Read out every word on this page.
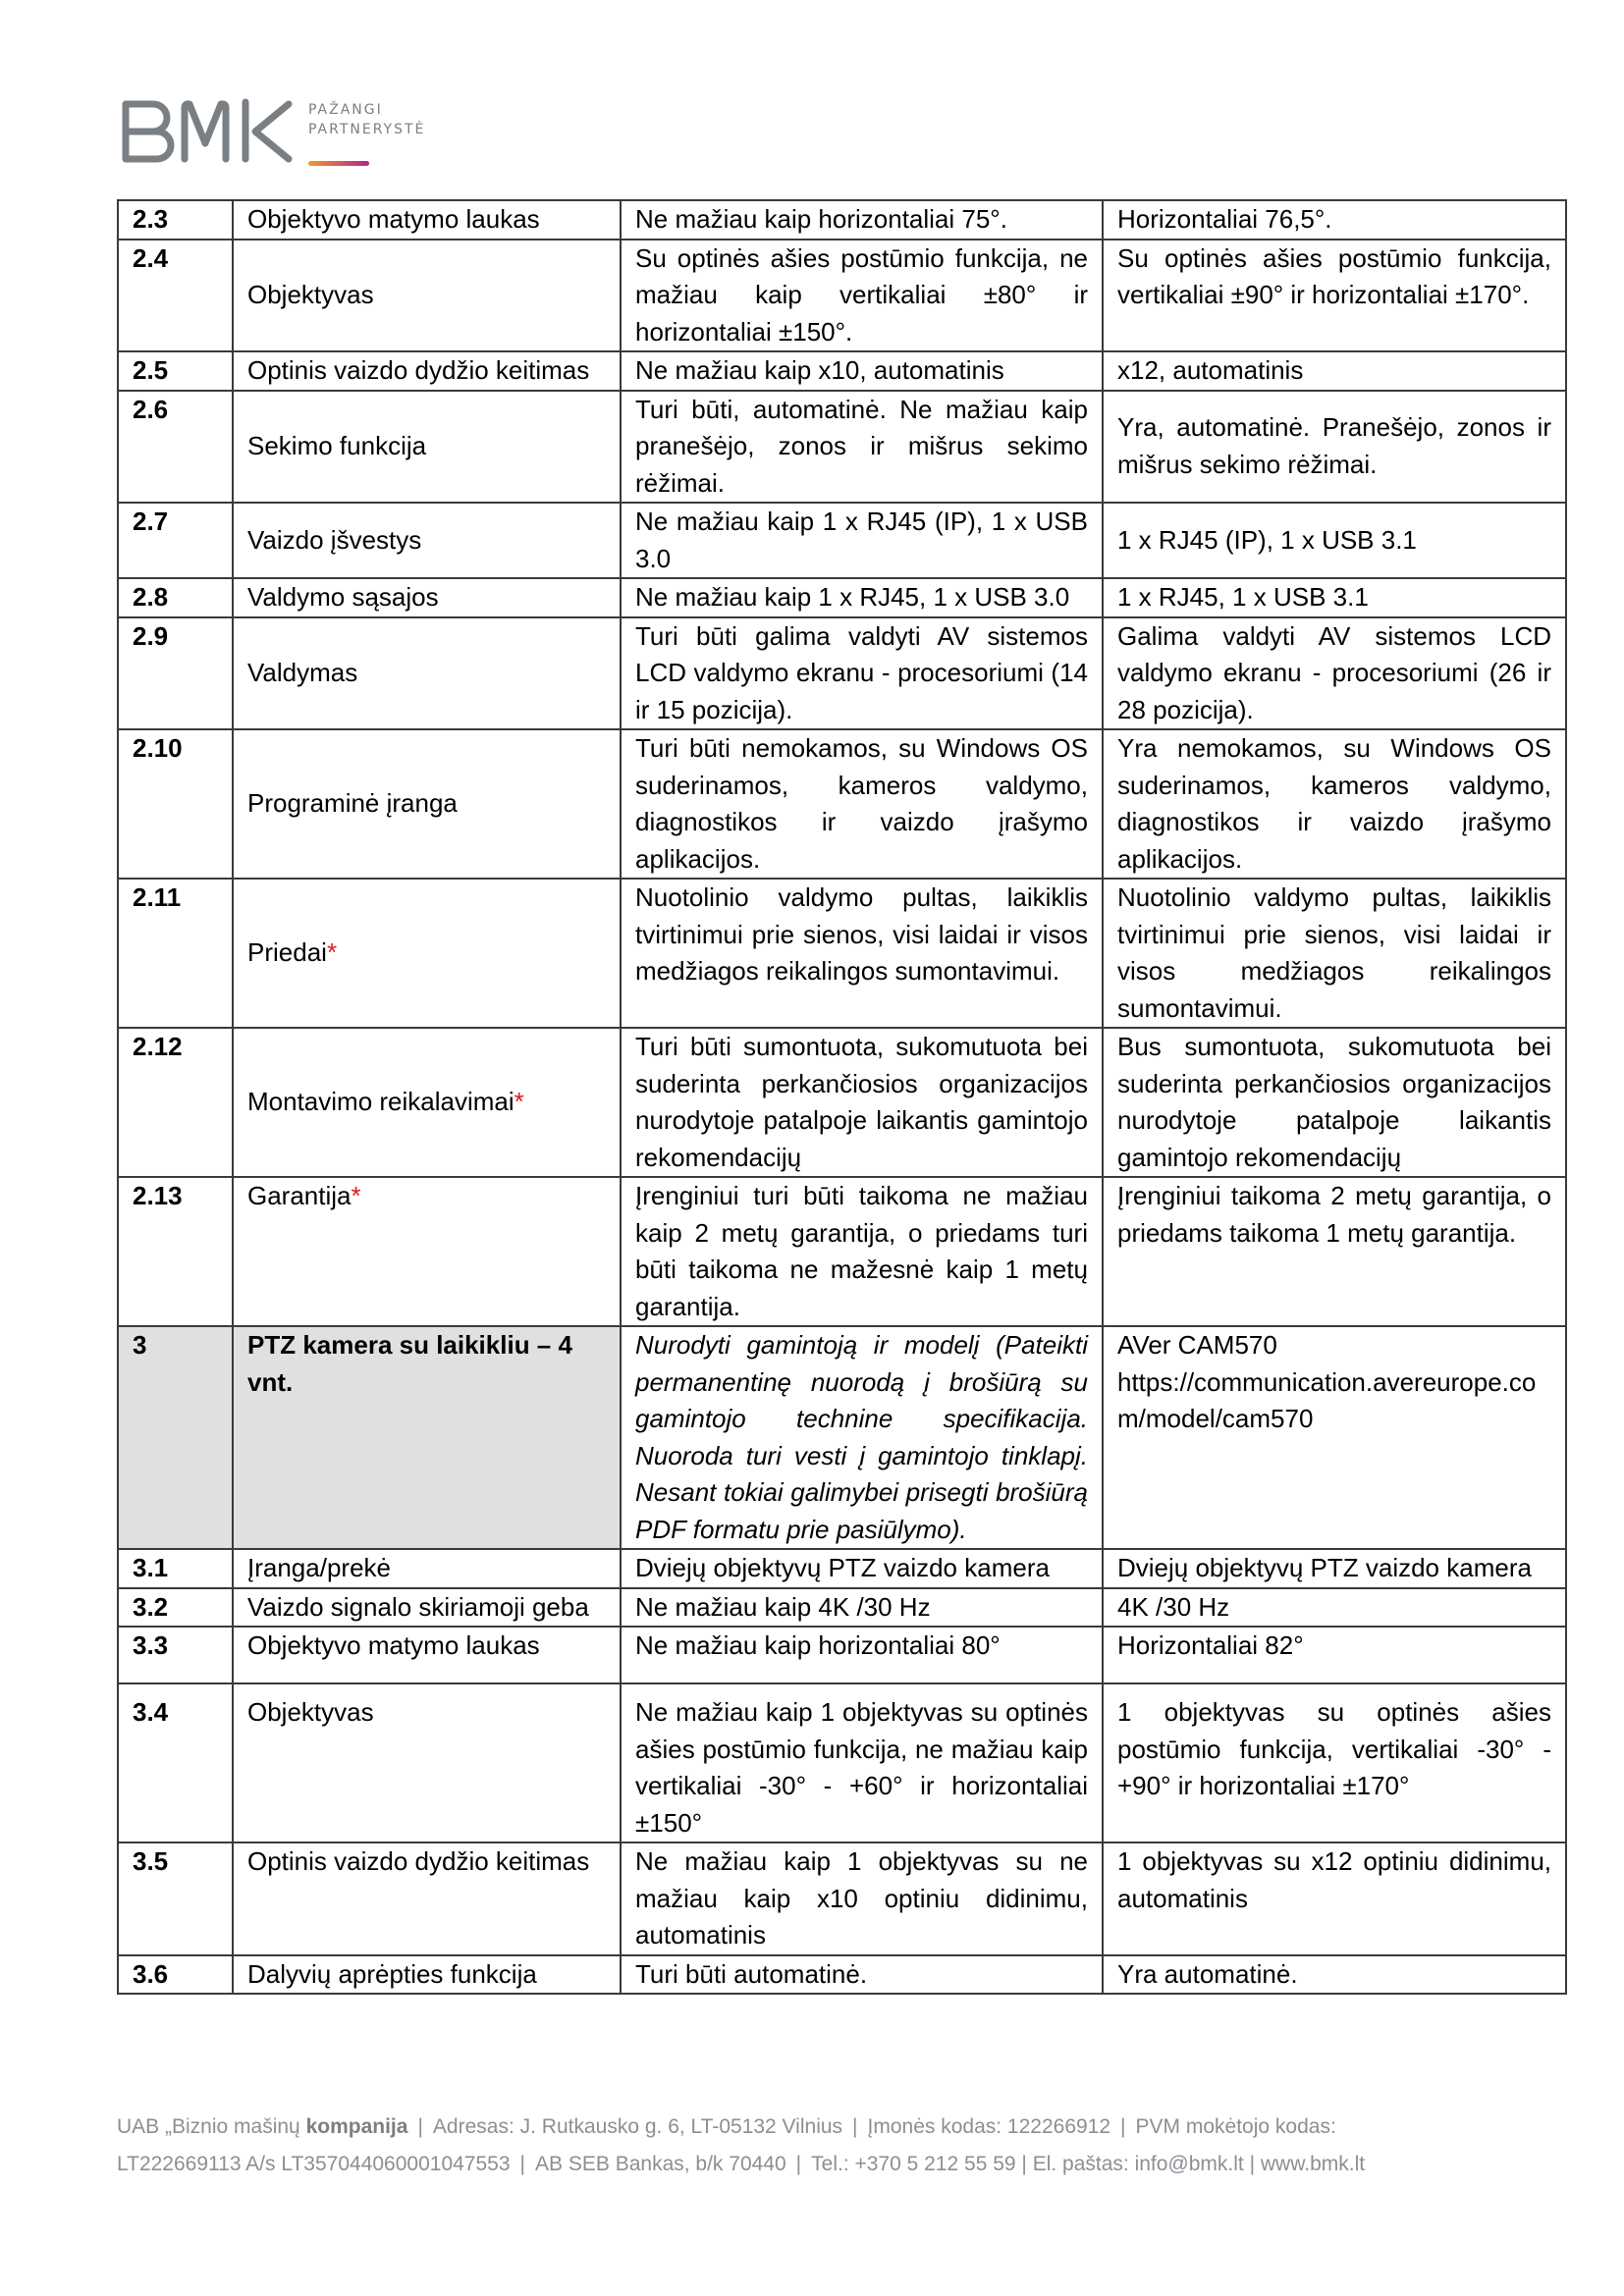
PAŽANGI
PARTNERYSTĖ
2.3	Objektyvo matymo laukas	Ne mažiau kaip horizontaliai 75°.	Horizontaliai 76,5°.
2.4	Objektyvas	Su optinės ašies postūmio funkcija, ne mažiau kaip vertikaliai ±80° ir horizontaliai ±150°.	Su optinės ašies postūmio funkcija, vertikaliai ±90° ir horizontaliai ±170°.
2.5	Optinis vaizdo dydžio keitimas	Ne mažiau kaip x10, automatinis	x12, automatinis
2.6	Sekimo funkcija	Turi būti, automatinė. Ne mažiau kaip pranešėjo, zonos ir mišrus sekimo rėžimai.	Yra, automatinė. Pranešėjo, zonos ir mišrus sekimo rėžimai.
2.7	Vaizdo įšvestys	Ne mažiau kaip 1 x RJ45 (IP), 1 x USB 3.0	1 x RJ45 (IP), 1 x USB 3.1
2.8	Valdymo sąsajos	Ne mažiau kaip 1 x RJ45, 1 x USB 3.0	1 x RJ45, 1 x USB 3.1
2.9	Valdymas	Turi būti galima valdyti AV sistemos LCD valdymo ekranu - procesoriumi (14 ir 15 pozicija).	Galima valdyti AV sistemos LCD valdymo ekranu - procesoriumi (26 ir 28 pozicija).
2.10	Programinė įranga	Turi būti nemokamos, su Windows OS suderinamos, kameros valdymo, diagnostikos ir vaizdo įrašymo aplikacijos.	Yra nemokamos, su Windows OS suderinamos, kameros valdymo, diagnostikos ir vaizdo įrašymo aplikacijos.
2.11	Priedai*	Nuotolinio valdymo pultas, laikiklis tvirtinimui prie sienos, visi laidai ir visos medžiagos reikalingos sumontavimui.	Nuotolinio valdymo pultas, laikiklis tvirtinimui prie sienos, visi laidai ir visos medžiagos reikalingos sumontavimui.
2.12	Montavimo reikalavimai*	Turi būti sumontuota, sukomutuota bei suderinta perkančiosios organizacijos nurodytoje patalpoje laikantis gamintojo rekomendacijų	Bus sumontuota, sukomutuota bei suderinta perkančiosios organizacijos nurodytoje patalpoje laikantis gamintojo rekomendacijų
2.13	Garantija*	Įrenginiui turi būti taikoma ne mažiau kaip 2 metų garantija, o priedams turi būti taikoma ne mažesnė kaip 1 metų garantija.	Įrenginiui taikoma 2 metų garantija, o priedams taikoma 1 metų garantija.
3	PTZ kamera su laikikliu – 4 vnt.	Nurodyti gamintoją ir modelį (Pateikti permanentinę nuorodą į brošiūrą su gamintojo technine specifikacija. Nuoroda turi vesti į gamintojo tinklapį. Nesant tokiai galimybei prisegti brošiūrą PDF formatu prie pasiūlymo).	AVer CAM570
https://communication.avereurope.com/model/cam570

3.1	Įranga/prekė	Dviejų objektyvų PTZ vaizdo kamera	Dviejų objektyvų PTZ vaizdo kamera
3.2	Vaizdo signalo skiriamoji geba	Ne mažiau kaip 4K /30 Hz	4K /30 Hz
3.3	Objektyvo matymo laukas	Ne mažiau kaip horizontaliai 80°	Horizontaliai 82°
3.4	Objektyvas	Ne mažiau kaip 1 objektyvas su optinės ašies postūmio funkcija, ne mažiau kaip vertikaliai -30° - +60° ir horizontaliai ±150°	1 objektyvas su optinės ašies postūmio funkcija, vertikaliai -30° - +90° ir horizontaliai ±170°
3.5	Optinis vaizdo dydžio keitimas	Ne mažiau kaip 1 objektyvas su ne mažiau kaip x10 optiniu didinimu, automatinis	1 objektyvas su x12 optiniu didinimu, automatinis
3.6	Dalyvių aprėpties funkcija	Turi būti automatinė.	Yra automatinė.
UAB „Biznio mašinų kompanija | Adresas: J. Rutkausko g. 6, LT-05132 Vilnius | Įmonės kodas: 122266912 | PVM mokėtojo kodas:
LT222669113 A/s LT357044060001047553 | AB SEB Bankas, b/k 70440 | Tel.: +370 5 212 55 59 | El. paštas: info@bmk.lt | www.bmk.lt
